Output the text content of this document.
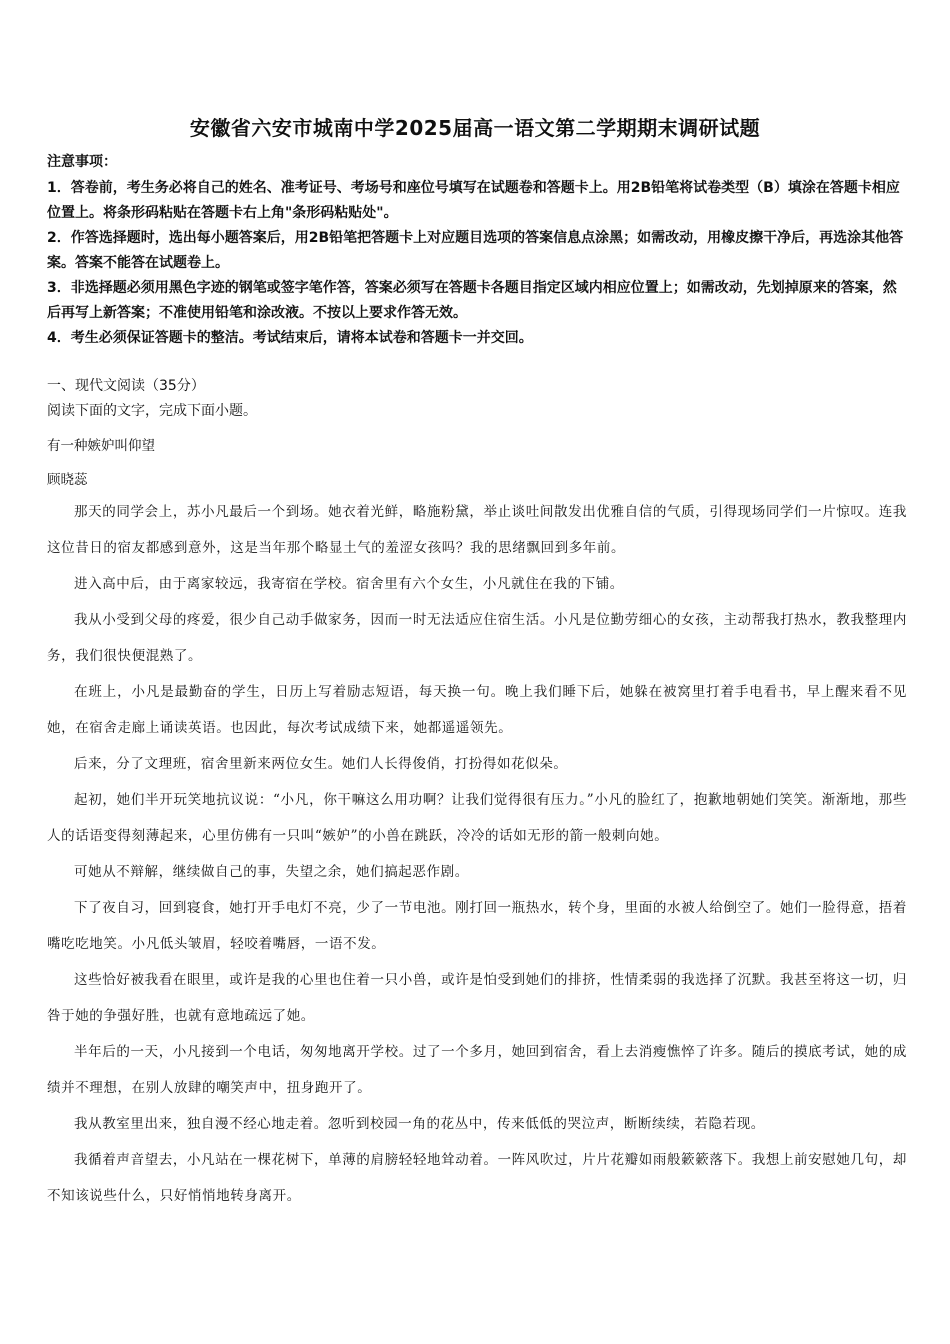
安徽省六安市城南中学2025届高一语文第二学期期末调研试题
注意事项：

1．答卷前，考生务必将自己的姓名、准考证号、考场号和座位号填写在试题卷和答题卡上。用2B铅笔将试卷类型（B）填涂在答题卡相应位置上。将条形码粘贴在答题卡右上角"条形码粘贴处"。

2．作答选择题时，选出每小题答案后，用2B铅笔把答题卡上对应题目选项的答案信息点涂黑；如需改动，用橡皮擦干净后，再选涂其他答案。答案不能答在试题卷上。

3．非选择题必须用黑色字迹的钢笔或签字笔作答，答案必须写在答题卡各题目指定区域内相应位置上；如需改动，先划掉原来的答案，然后再写上新答案；不准使用铅笔和涂改液。不按以上要求作答无效。

4．考生必须保证答题卡的整洁。考试结束后，请将本试卷和答题卡一并交回。

一、现代文阅读（35分）
阅读下面的文字，完成下面小题。
有一种嫉妒叫仰望
顾晓蕊

那天的同学会上，苏小凡最后一个到场。她衣着光鲜，略施粉黛，举止谈吐间散发出优雅自信的气质，引得现场同学们一片惊叹。连我这位昔日的宿友都感到意外，这是当年那个略显土气的羞涩女孩吗？我的思绪飘回到多年前。

进入高中后，由于离家较远，我寄宿在学校。宿舍里有六个女生，小凡就住在我的下铺。

我从小受到父母的疼爱，很少自己动手做家务，因而一时无法适应住宿生活。小凡是位勤劳细心的女孩，主动帮我打热水，教我整理内务，我们很快便混熟了。

在班上，小凡是最勤奋的学生，日历上写着励志短语，每天换一句。晚上我们睡下后，她躲在被窝里打着手电看书，早上醒来看不见她，在宿舍走廊上诵读英语。也因此，每次考试成绩下来，她都遥遥领先。

后来，分了文理班，宿舍里新来两位女生。她们人长得俊俏，打扮得如花似朵。

起初，她们半开玩笑地抗议说：“小凡，你干嘛这么用功啊？让我们觉得很有压力。”小凡的脸红了，抱歉地朝她们笑笑。渐渐地，那些人的话语变得刻薄起来，心里仿佛有一只叫“嫉妒”的小兽在跳跃，冷冷的话如无形的箭一般刺向她。

可她从不辩解，继续做自己的事，失望之余，她们搞起恶作剧。

下了夜自习，回到寝食，她打开手电灯不亮，少了一节电池。刚打回一瓶热水，转个身，里面的水被人给倒空了。她们一脸得意，捂着嘴吃吃地笑。小凡低头皱眉，轻咬着嘴唇，一语不发。

这些恰好被我看在眼里，或许是我的心里也住着一只小兽，或许是怕受到她们的排挤，性情柔弱的我选择了沉默。我甚至将这一切，归咎于她的争强好胜，也就有意地疏远了她。

半年后的一天，小凡接到一个电话，匆匆地离开学校。过了一个多月，她回到宿舍，看上去消瘦憔悴了许多。随后的摸底考试，她的成绩并不理想，在别人放肆的嘲笑声中，扭身跑开了。

我从教室里出来，独自漫不经心地走着。忽听到校园一角的花丛中，传来低低的哭泣声，断断续续，若隐若现。

我循着声音望去，小凡站在一棵花树下，单薄的肩膀轻轻地耸动着。一阵风吹过，片片花瓣如雨般簌簌落下。我想上前安慰她几句，却不知该说些什么，只好悄悄地转身离开。
